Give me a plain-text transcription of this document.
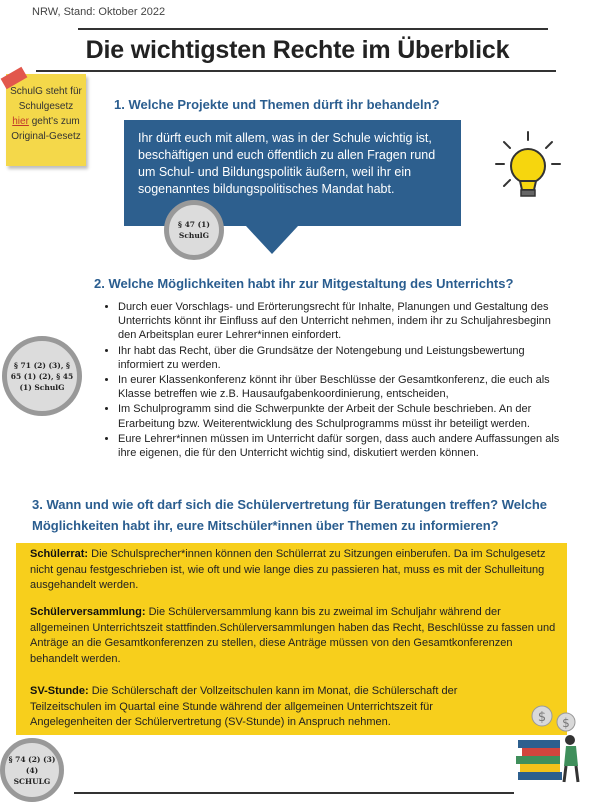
NRW, Stand: Oktober 2022
Die wichtigsten Rechte im Überblick
SchulG steht für
Schulgesetz
hier geht's zum
Original-Gesetz
1. Welche Projekte und Themen dürft ihr behandeln?
Ihr dürft euch mit allem, was in der Schule wichtig ist, beschäftigen und euch öffentlich zu allen Fragen rund um Schul- und Bildungspolitik äußern, weil ihr ein sogenanntes bildungspolitisches Mandat habt.
§ 47 (1)
SchulG
2. Welche Möglichkeiten habt ihr zur Mitgestaltung des Unterrichts?
• Durch euer Vorschlags- und Erörterungsrecht für Inhalte, Planungen und Gestaltung des Unterrichts könnt ihr Einfluss auf den Unterricht nehmen, indem ihr zu Schuljahresbeginn den Arbeitsplan eurer Lehrer*innen einfordert.
• Ihr habt das Recht, über die Grundsätze der Notengebung und Leistungsbewertung informiert zu werden.
• In eurer Klassenkonferenz könnt ihr über Beschlüsse der Gesamtkonferenz, die euch als Klasse betreffen wie z.B. Hausaufgabenkoordinierung, entscheiden,
• Im Schulprogramm sind die Schwerpunkte der Arbeit der Schule beschrieben. An der Erarbeitung bzw. Weiterentwicklung des Schulprogramms müsst ihr beteiligt werden.
• Eure Lehrer*innen müssen im Unterricht dafür sorgen, dass auch andere Auffassungen als ihre eigenen, die für den Unterricht wichtig sind, diskutiert werden können.
§ 71 (2) (3), §
65 (1) (2), § 45
(1) SchulG
3. Wann und wie oft darf sich die Schülervertretung für Beratungen treffen? Welche Möglichkeiten habt ihr, eure Mitschüler*innen über Themen zu informieren?
Schülerrat: Die Schulsprecher*innen können den Schülerrat zu Sitzungen einberufen. Da im Schulgesetz nicht genau festgeschrieben ist, wie oft und wie lange dies zu passieren hat, muss es mit der Schulleitung ausgehandelt werden.
Schülerversammlung: Die Schülerversammlung kann bis zu zweimal im Schuljahr während der allgemeinen Unterrichtszeit stattfinden.Schülerversammlungen haben das Recht, Beschlüsse zu fassen und Anträge an die Gesamtkonferenzen zu stellen, diese Anträge müssen von den Gesamtkonferenzen behandelt werden.
SV-Stunde: Die Schülerschaft der Vollzeitschulen kann im Monat, die Schülerschaft der Teilzeitschulen im Quartal eine Stunde während der allgemeinen Unterrichtszeit für Angelegenheiten der Schülervertretung (SV-Stunde) in Anspruch nehmen.	$ $
§ 74 (2) (3)
(4)
SCHULG
